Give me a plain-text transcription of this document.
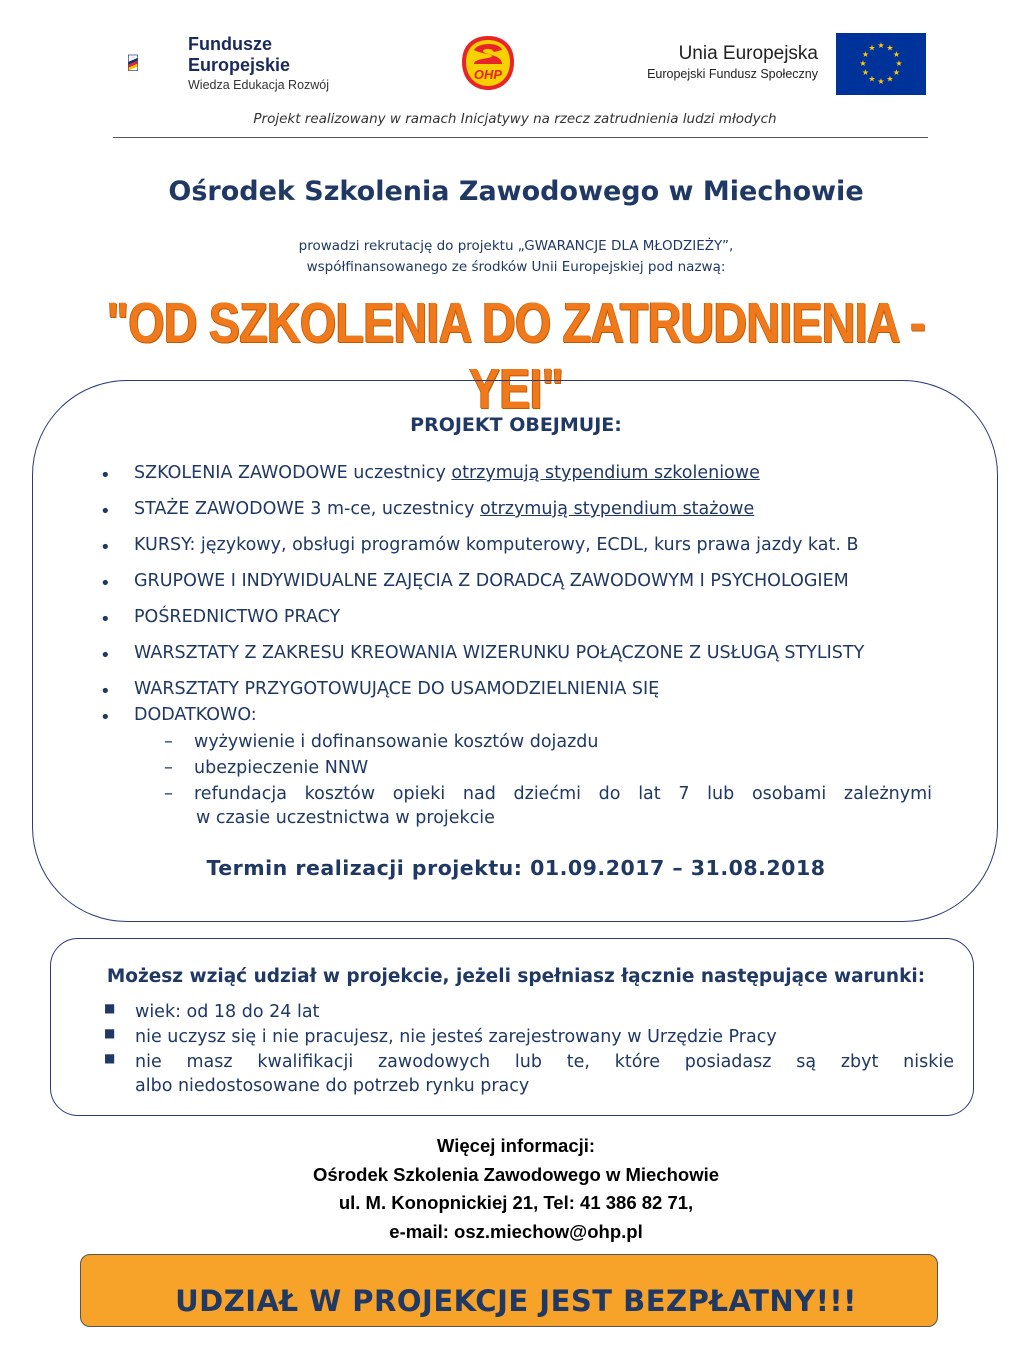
Fundusze
Europejskie
Wiedza Edukacja Rozwój
OHP
Unia Europejska
Europejski Fundusz Społeczny
★ ★
★
★
★
★
★
★
★
★
★
★
Projekt realizowany w ramach Inicjatywy na rzecz zatrudnienia ludzi młodych
Ośrodek Szkolenia Zawodowego w Miechowie
prowadzi rekrutację do projektu „GWARANCJE DLA MŁODZIEŻY”,
współfinansowanego ze środków Unii Europejskiej pod nazwą:
"OD SZKOLENIA DO ZATRUDNIENIA - YEI"
PROJEKT OBEJMUJE:
• SZKOLENIA ZAWODOWE uczestnicy otrzymują stypendium szkoleniowe
• STAŻE ZAWODOWE 3 m-ce, uczestnicy otrzymują stypendium stażowe
• KURSY: językowy, obsługi programów komputerowy, ECDL, kurs prawa jazdy kat. B
• GRUPOWE I INDYWIDUALNE ZAJĘCIA Z DORADCĄ ZAWODOWYM I PSYCHOLOGIEM
• POŚREDNICTWO PRACY
• WARSZTATY Z ZAKRESU KREOWANIA WIZERUNKU POŁĄCZONE Z USŁUGĄ STYLISTY
• WARSZTATY PRZYGOTOWUJĄCE DO USAMODZIELNIENIA SIĘ
• DODATKOWO:
– wyżywienie i dofinansowanie kosztów dojazdu
– ubezpieczenie NNW
– refundacja kosztów opieki nad dziećmi do lat 7 lub osobami zależnymi
w czasie uczestnictwa w projekcie
Termin realizacji projektu: 01.09.2017 – 31.08.2018
Możesz wziąć udział w projekcie, jeżeli spełniasz łącznie następujące warunki:
■ wiek: od 18 do 24 lat
■ nie uczysz się i nie pracujesz, nie jesteś zarejestrowany w Urzędzie Pracy
■ nie masz kwalifikacji zawodowych lub te, które posiadasz są zbyt niskie
albo niedostosowane do potrzeb rynku pracy
Więcej informacji:
Ośrodek Szkolenia Zawodowego w Miechowie
ul. M. Konopnickiej 21, Tel: 41 386 82 71,
e-mail: osz.miechow@ohp.pl
UDZIAŁ W PROJEKCJE JEST BEZPŁATNY!!!
